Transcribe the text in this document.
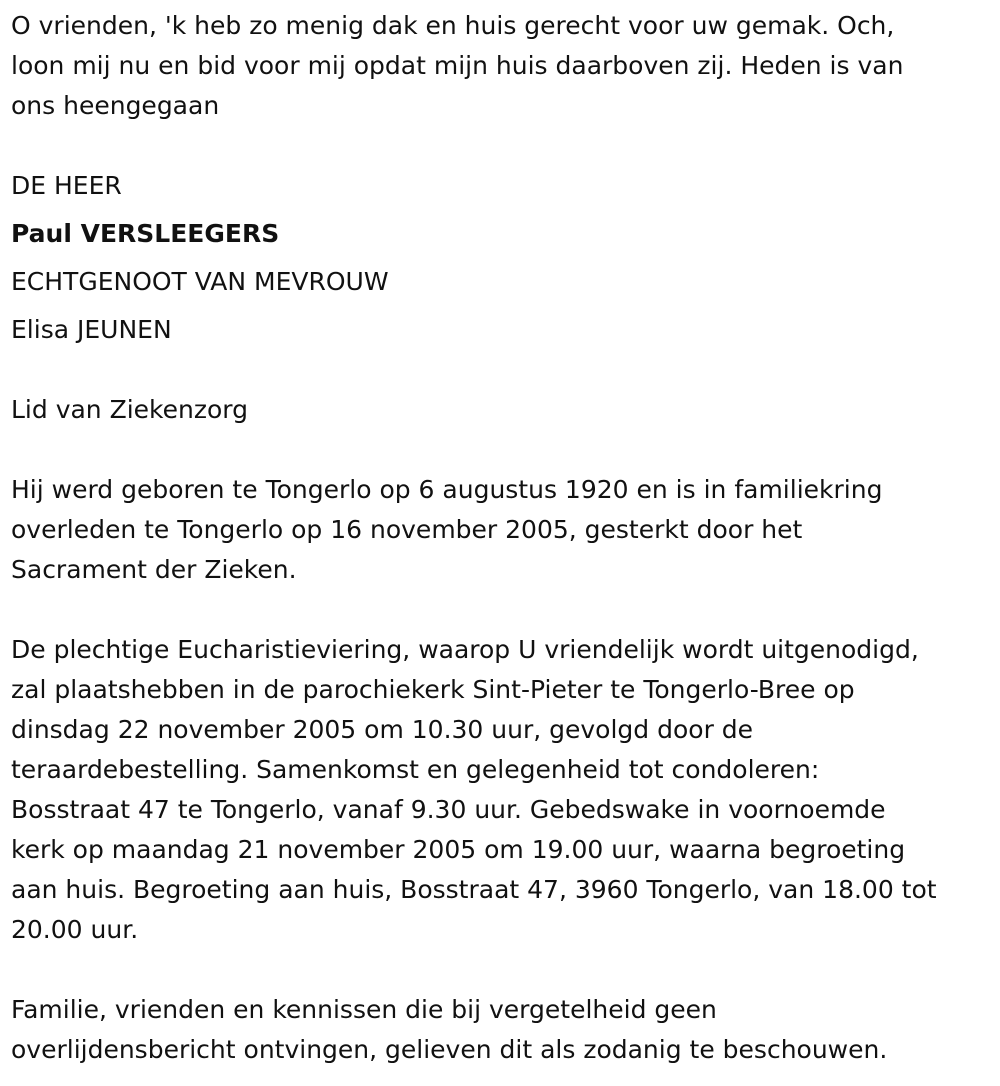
O vrienden, 'k heb zo menig dak en huis gerecht voor uw gemak. Och,
loon mij nu en bid voor mij opdat mijn huis daarboven zij. Heden is van
ons heengegaan
DE HEER
Paul VERSLEEGERS
ECHTGENOOT VAN MEVROUW
Elisa JEUNEN
Lid van Ziekenzorg
Hij werd geboren te Tongerlo op 6 augustus 1920 en is in familiekring
overleden te Tongerlo op 16 november 2005, gesterkt door het
Sacrament der Zieken.
De plechtige Eucharistieviering, waarop U vriendelijk wordt uitgenodigd,
zal plaatshebben in de parochiekerk Sint-Pieter te Tongerlo-Bree op
dinsdag 22 november 2005 om 10.30 uur, gevolgd door de
teraardebestelling. Samenkomst en gelegenheid tot condoleren:
Bosstraat 47 te Tongerlo, vanaf 9.30 uur. Gebedswake in voornoemde
kerk op maandag 21 november 2005 om 19.00 uur, waarna begroeting
aan huis. Begroeting aan huis, Bosstraat 47, 3960 Tongerlo, van 18.00 tot
20.00 uur.
Familie, vrienden en kennissen die bij vergetelheid geen
overlijdensbericht ontvingen, gelieven dit als zodanig te beschouwen.
